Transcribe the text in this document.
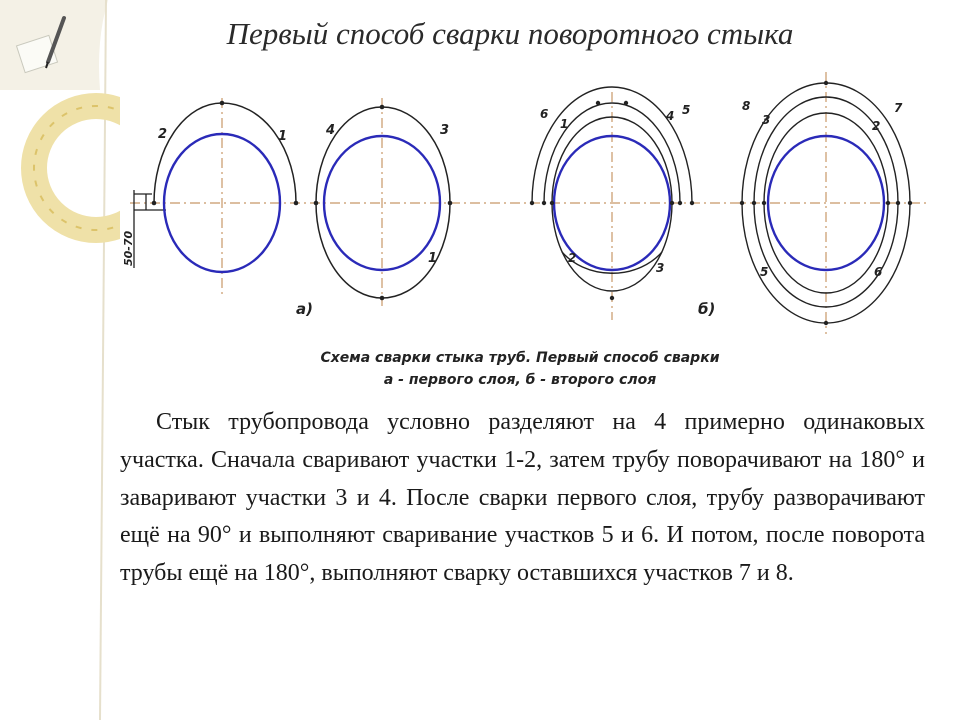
Первый способ сварки поворотного стыка
50-70
2	1	4	3
1
а)
6
1
4 5
2
3
8
3	2
7
5	6
б)
Схема сварки стыка труб. Первый способ сварки
а - первого слоя, б - второго слоя

Стык трубопровода условно разделяют на 4 примерно одинаковых участка. Сначала сваривают участки 1-2, затем трубу поворачивают на 180° и заваривают участки 3 и 4. После сварки первого слоя, трубу разворачивают ещё на 90° и выполняют сваривание участков 5 и 6. И потом, после поворота трубы ещё на 180°, выполняют сварку оставшихся участков 7 и 8.
